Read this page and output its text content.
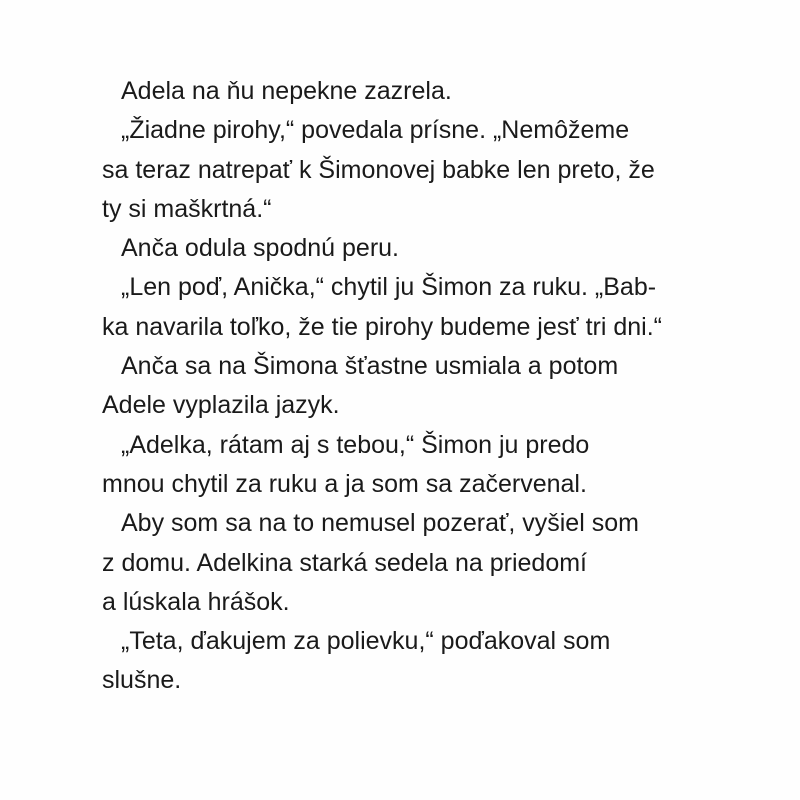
Adela na ňu nepekne zazrela.
„Žiadne pirohy,“ povedala prísne. „Nemôžeme
sa teraz natrepať k Šimonovej babke len preto, že
ty si maškrtná.“
Anča odula spodnú peru.
„Len poď, Anička,“ chytil ju Šimon za ruku. „Bab-
ka navarila toľko, že tie pirohy budeme jesť tri dni.“
Anča sa na Šimona šťastne usmiala a potom
Adele vyplazila jazyk.
„Adelka, rátam aj s tebou,“ Šimon ju predo
mnou chytil za ruku a ja som sa začervenal.
Aby som sa na to nemusel pozerať, vyšiel som
z domu. Adelkina starká sedela na priedomí
a lúskala hrášok.
„Teta, ďakujem za polievku,“ poďakoval som
slušne.
